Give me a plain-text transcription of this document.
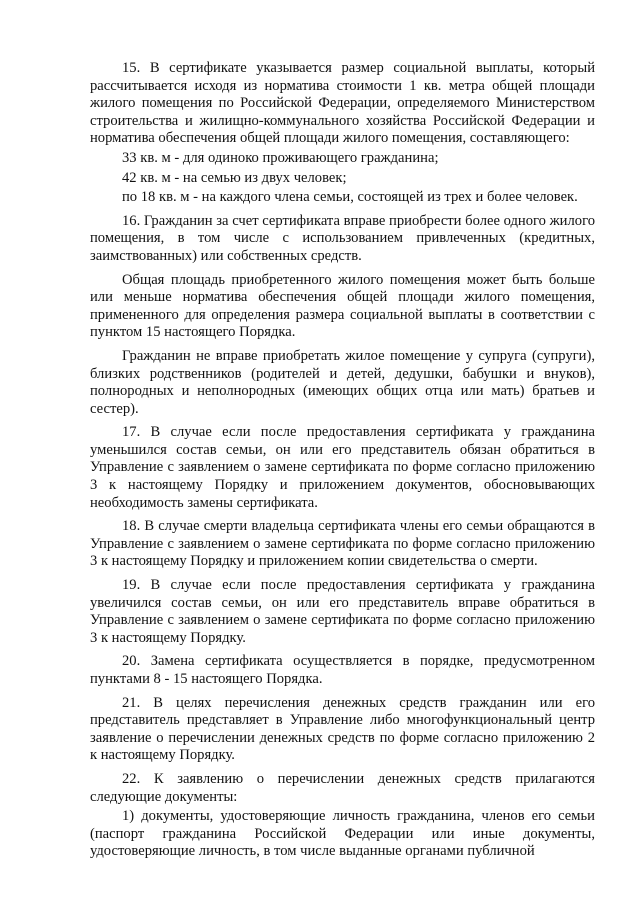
15. В сертификате указывается размер социальной выплаты, который рассчитывается исходя из норматива стоимости 1 кв. метра общей площади жилого помещения по Российской Федерации, определяемого Министерством строительства и жилищно-коммунального хозяйства Российской Федерации и норматива обеспечения общей площади жилого помещения, составляющего:

33 кв. м - для одиноко проживающего гражданина;

42 кв. м - на семью из двух человек;

по 18 кв. м - на каждого члена семьи, состоящей из трех и более человек.

16. Гражданин за счет сертификата вправе приобрести более одного жилого помещения, в том числе с использованием привлеченных (кредитных, заимствованных) или собственных средств.

Общая площадь приобретенного жилого помещения может быть больше или меньше норматива обеспечения общей площади жилого помещения, примененного для определения размера социальной выплаты в соответствии с пунктом 15 настоящего Порядка.

Гражданин не вправе приобретать жилое помещение у супруга (супруги), близких родственников (родителей и детей, дедушки, бабушки и внуков), полнородных и неполнородных (имеющих общих отца или мать) братьев и сестер).

17. В случае если после предоставления сертификата у гражданина уменьшился состав семьи, он или его представитель обязан обратиться в Управление с заявлением о замене сертификата по форме согласно приложению 3 к настоящему Порядку и приложением документов, обосновывающих необходимость замены сертификата.

18. В случае смерти владельца сертификата члены его семьи обращаются в Управление с заявлением о замене сертификата по форме согласно приложению 3 к настоящему Порядку и приложением копии свидетельства о смерти.

19. В случае если после предоставления сертификата у гражданина увеличился состав семьи, он или его представитель вправе обратиться в Управление с заявлением о замене сертификата по форме согласно приложению 3 к настоящему Порядку.

20. Замена сертификата осуществляется в порядке, предусмотренном пунктами 8 - 15 настоящего Порядка.

21. В целях перечисления денежных средств гражданин или его представитель представляет в Управление либо многофункциональный центр заявление о перечислении денежных средств по форме согласно приложению 2 к настоящему Порядку.

22. К заявлению о перечислении денежных средств прилагаются следующие документы:

1) документы, удостоверяющие личность гражданина, членов его семьи (паспорт гражданина Российской Федерации или иные документы, удостоверяющие личность, в том числе выданные органами публичной
